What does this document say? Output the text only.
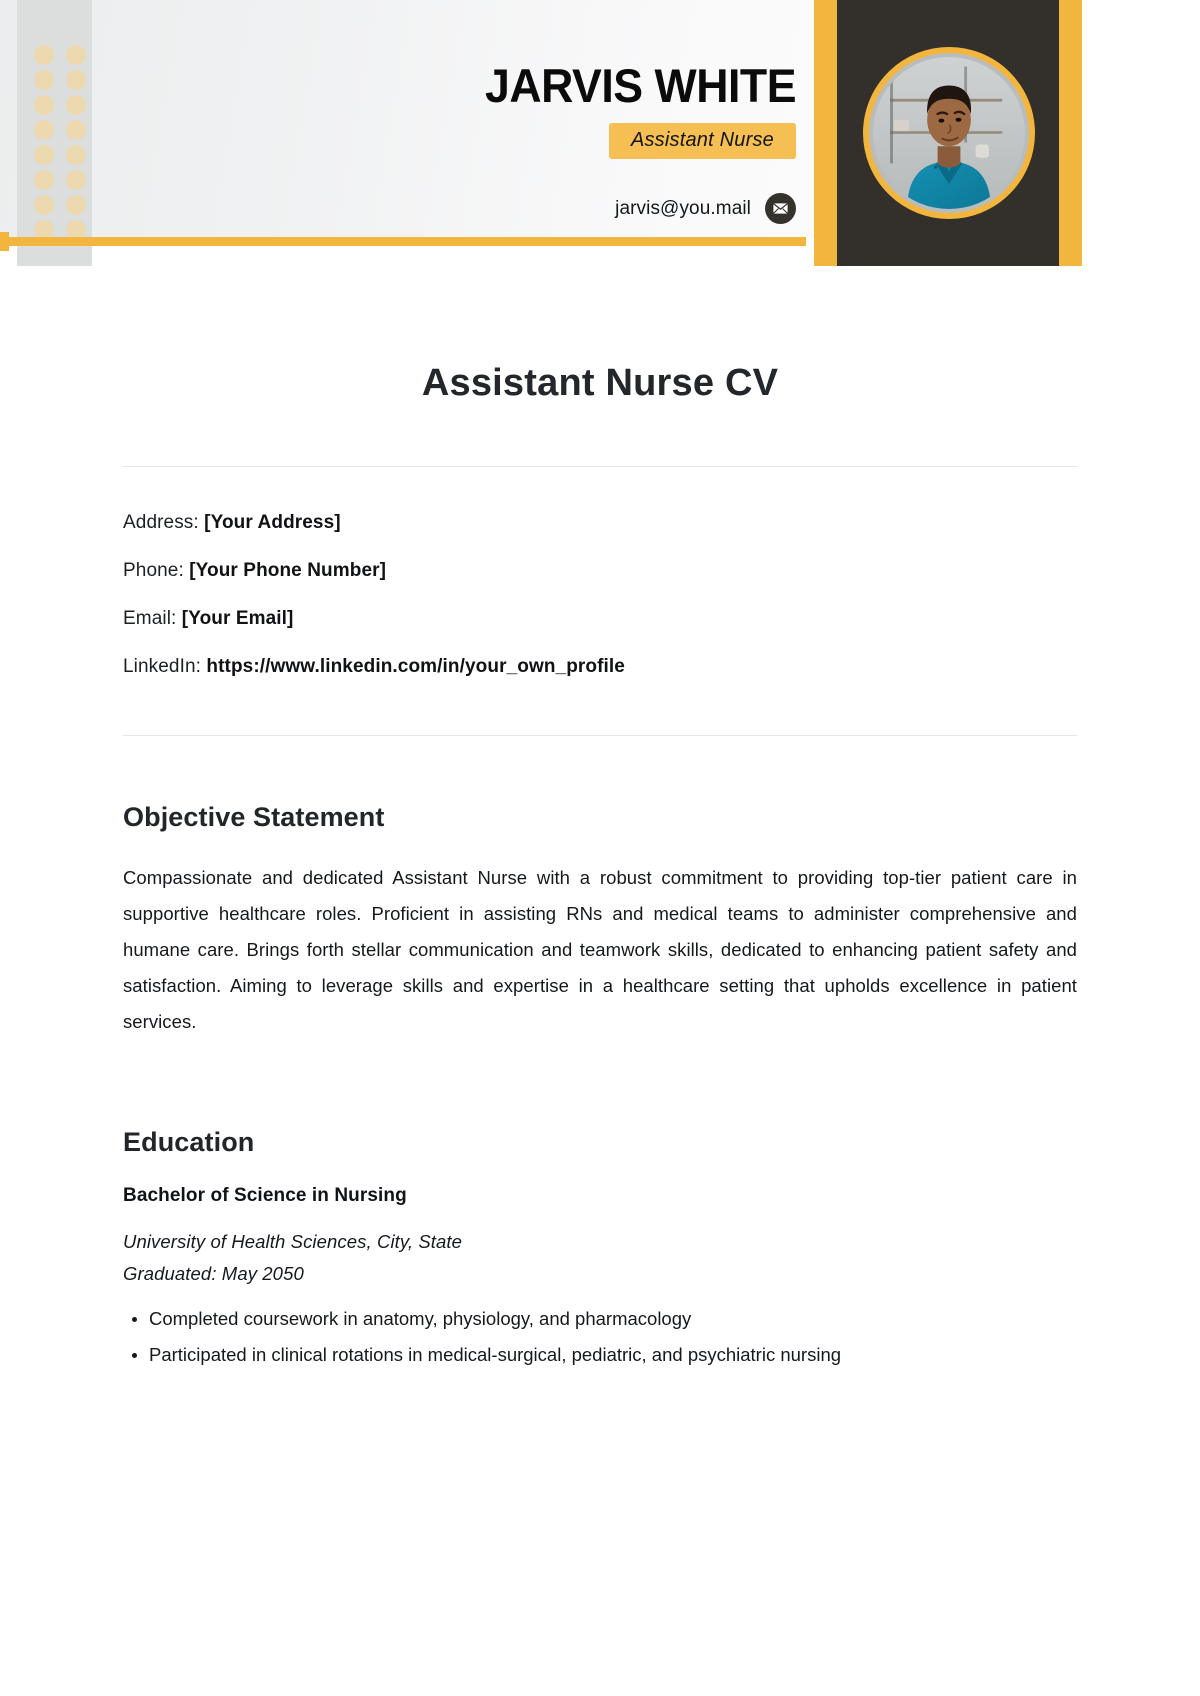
JARVIS WHITE
Assistant Nurse
jarvis@you.mail
Assistant Nurse CV
Address: [Your Address]
Phone: [Your Phone Number]
Email: [Your Email]
LinkedIn: https://www.linkedin.com/in/your_own_profile
Objective Statement

Compassionate and dedicated Assistant Nurse with a robust commitment to providing top-tier patient care in supportive healthcare roles. Proficient in assisting RNs and medical teams to administer comprehensive and humane care. Brings forth stellar communication and teamwork skills, dedicated to enhancing patient safety and satisfaction. Aiming to leverage skills and expertise in a healthcare setting that upholds excellence in patient services.

Education

Bachelor of Science in Nursing

University of Health Sciences, City, State

Graduated: May 2050

Completed coursework in anatomy, physiology, and pharmacology
Participated in clinical rotations in medical-surgical, pediatric, and psychiatric nursing
